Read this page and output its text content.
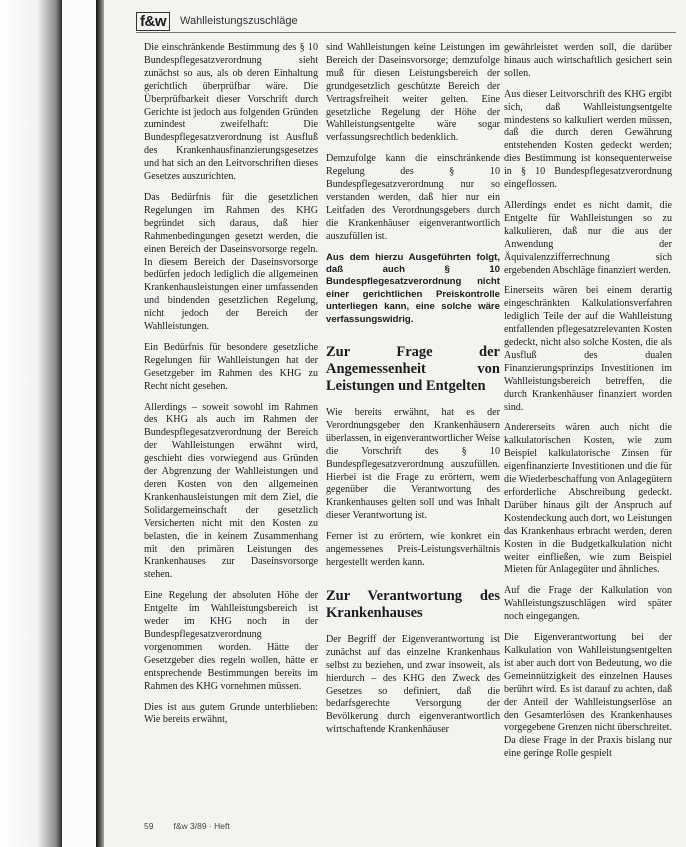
f&w	Wahlleistungszuschläge

Die einschränkende Bestimmung des § 10 Bundespflegesatzverordnung sieht zunächst so aus, als ob deren Einhaltung gerichtlich überprüfbar wäre. Die Überprüfbarkeit dieser Vorschrift durch Gerichte ist jedoch aus folgenden Gründen zumindest zweifelhaft: Die Bundespflegesatzverordnung ist Ausfluß des Krankenhausfinanzierungsgesetzes und hat sich an den Leitvorschriften dieses Gesetzes auszurichten.

Das Bedürfnis für die gesetzlichen Regelungen im Rahmen des KHG begründet sich daraus, daß hier Rahmenbedingungen gesetzt werden, die einen Bereich der Daseinsvorsorge regeln. In diesem Bereich der Daseinsvorsorge bedürfen jedoch lediglich die allgemeinen Krankenhausleistungen einer umfassenden und bindenden gesetzlichen Regelung, nicht jedoch der Bereich der Wahlleistungen.

Ein Bedürfnis für besondere gesetzliche Regelungen für Wahlleistungen hat der Gesetzgeber im Rahmen des KHG zu Recht nicht gesehen.

Allerdings – soweit sowohl im Rahmen des KHG als auch im Rahmen der Bundespflegesatzverordnung der Bereich der Wahlleistungen erwähnt wird, geschieht dies vorwiegend aus Gründen der Abgrenzung der Wahlleistungen und deren Kosten von den allgemeinen Krankenhausleistungen mit dem Ziel, die Solidargemeinschaft der gesetzlich Versicherten nicht mit den Kosten zu belasten, die in keinem Zusammenhang mit den primären Leistungen des Krankenhauses zur Daseinsvorsorge stehen.

Eine Regelung der absoluten Höhe der Entgelte im Wahlleistungsbereich ist weder im KHG noch in der Bundespflegesatzverordnung vorgenommen worden. Hätte der Gesetzgeber dies regeln wollen, hätte er entsprechende Bestimmungen bereits im Rahmen des KHG vornehmen müssen.

Dies ist aus gutem Grunde unterblieben: Wie bereits erwähnt,

sind Wahlleistungen keine Leistungen im Bereich der Daseinsvorsorge; demzufolge muß für diesen Leistungsbereich der grundgesetzlich geschützte Bereich der Vertragsfreiheit weiter gelten. Eine gesetzliche Regelung der Höhe der Wahlleistungsentgelte wäre sogar verfassungsrechtlich bedenklich.

Demzufolge kann die einschränkende Regelung des § 10 Bundespflegesatzverordnung nur so verstanden werden, daß hier nur ein Leitfaden des Verordnungsgebers durch die Krankenhäuser eigenverantwortlich auszufüllen ist.

Aus dem hierzu Ausgeführten folgt, daß auch § 10 Bundespflegesatzverordnung nicht einer gerichtlichen Preiskontrolle unterliegen kann, eine solche wäre verfassungswidrig.

Zur Frage der Angemessenheit von Leistungen und Entgelten

Wie bereits erwähnt, hat es der Verordnungsgeber den Krankenhäusern überlassen, in eigenverantwortlicher Weise die Vorschrift des § 10 Bundespflegesatzverordnung auszufüllen. Hierbei ist die Frage zu erörtern, wem gegenüber die Verantwortung des Krankenhauses gelten soll und was Inhalt dieser Verantwortung ist.

Ferner ist zu erörtern, wie konkret ein angemessenes Preis-Leistungsverhältnis hergestellt werden kann.

Zur Verantwortung des Krankenhauses

Der Begriff der Eigenverantwortung ist zunächst auf das einzelne Krankenhaus selbst zu beziehen, und zwar insoweit, als hierdurch – des KHG den Zweck des Gesetzes so definiert, daß die bedarfsgerechte Versorgung der Bevölkerung durch eigenverantwortlich wirtschaftende Krankenhäuser

gewährleistet werden soll, die darüber hinaus auch wirtschaftlich gesichert sein sollen.

Aus dieser Leitvorschrift des KHG ergibt sich, daß Wahlleistungsentgelte mindestens so kalkuliert werden müssen, daß die durch deren Gewährung entstehenden Kosten gedeckt werden; dies Bestimmung ist konsequenterweise in § 10 Bundespflegesatzverordnung eingeflossen.

Allerdings endet es nicht damit, die Entgelte für Wahlleistungen so zu kalkulieren, daß nur die aus der Anwendung der Äquivalenzzifferrechnung sich ergebenden Abschläge finanziert werden.

Einerseits wären bei einem derartig eingeschränkten Kalkulationsverfahren lediglich Teile der auf die Wahlleistung entfallenden pflegesatzrelevanten Kosten gedeckt, nicht also solche Kosten, die als Ausfluß des dualen Finanzierungsprinzips Investitionen im Wahlleistungsbereich betreffen, die durch Krankenhäuser finanziert worden sind.

Andererseits wären auch nicht die kalkulatorischen Kosten, wie zum Beispiel kalkulatorische Zinsen für eigenfinanzierte Investitionen und die für die Wiederbeschaffung von Anlagegütern erforderliche Abschreibung gedeckt. Darüber hinaus gilt der Anspruch auf Kostendeckung auch dort, wo Leistungen das Krankenhaus erbracht werden, deren Kosten in die Budgetkalkulation nicht weiter einfließen, wie zum Beispiel Mieten für Anlagegüter und ähnliches.

Auf die Frage der Kalkulation von Wahlleistungszuschlägen wird später noch eingegangen.

Die Eigenverantwortung bei der Kalkulation von Wahlleistungsentgelten ist aber auch dort von Bedeutung, wo die Gemeinnützigkeit des einzelnen Hauses berührt wird. Es ist darauf zu achten, daß der Anteil der Wahlleistungserlöse an den Gesamterlösen des Krankenhauses vorgegebene Grenzen nicht überschreitet. Da diese Frage in der Praxis bislang nur eine geringe Rolle gespielt

59 f&w 3/89 · Heft
